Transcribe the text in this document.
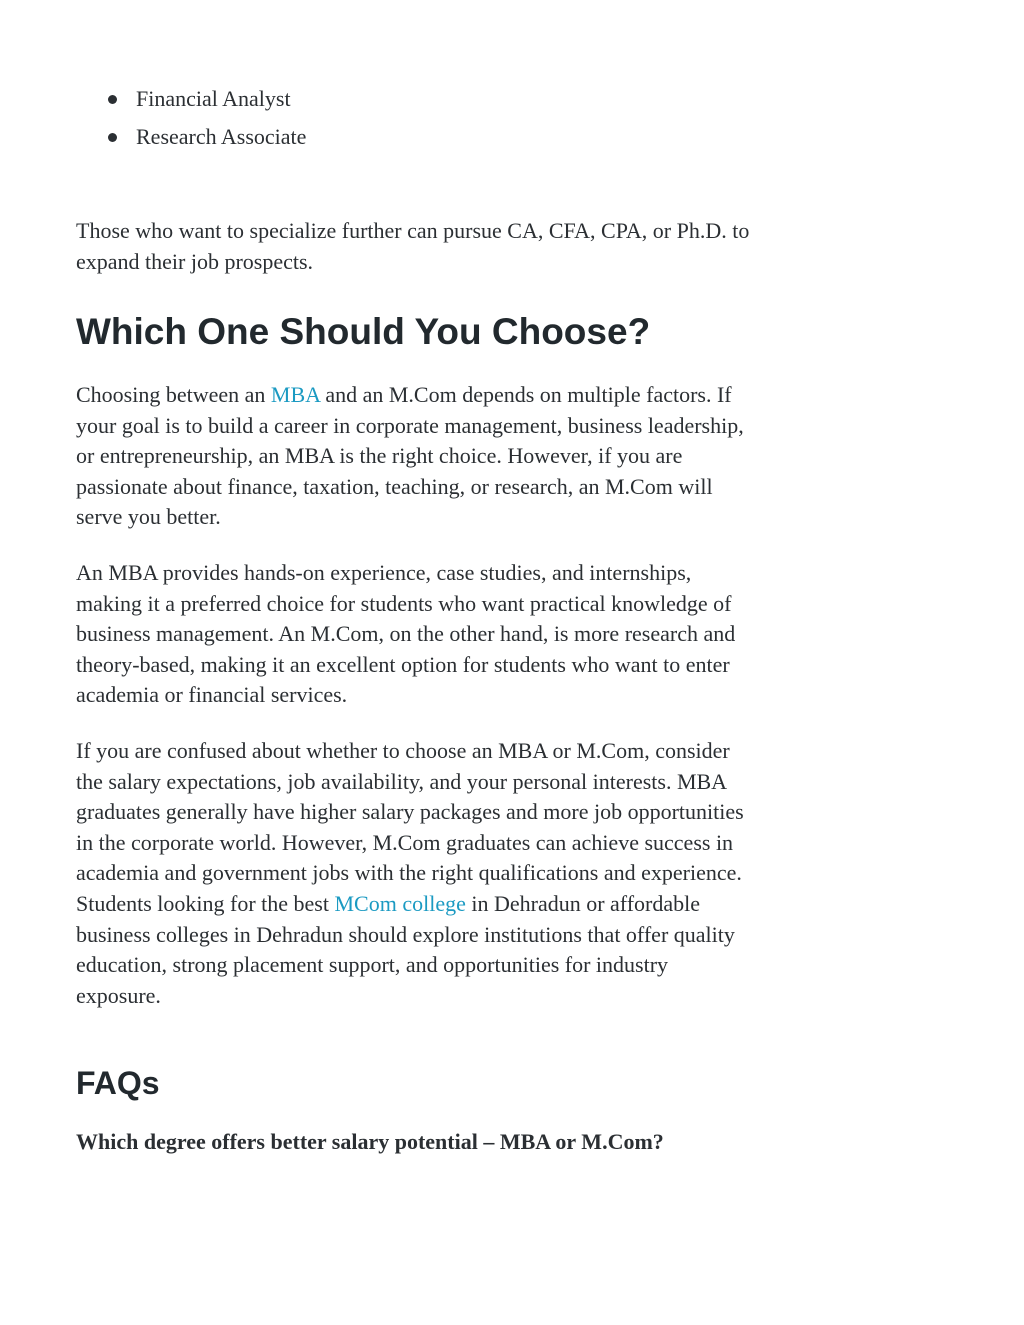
Financial Analyst
Research Associate

Those who want to specialize further can pursue CA, CFA, CPA, or Ph.D. to
expand their job prospects.

Which One Should You Choose?

Choosing between an MBA and an M.Com depends on multiple factors. If
your goal is to build a career in corporate management, business leadership,
or entrepreneurship, an MBA is the right choice. However, if you are
passionate about finance, taxation, teaching, or research, an M.Com will
serve you better.

An MBA provides hands-on experience, case studies, and internships,
making it a preferred choice for students who want practical knowledge of
business management. An M.Com, on the other hand, is more research and
theory-based, making it an excellent option for students who want to enter
academia or financial services.

If you are confused about whether to choose an MBA or M.Com, consider
the salary expectations, job availability, and your personal interests. MBA
graduates generally have higher salary packages and more job opportunities
in the corporate world. However, M.Com graduates can achieve success in
academia and government jobs with the right qualifications and experience.
Students looking for the best MCom college in Dehradun or affordable
business colleges in Dehradun should explore institutions that offer quality
education, strong placement support, and opportunities for industry
exposure.

FAQs
Which degree offers better salary potential – MBA or M.Com?
